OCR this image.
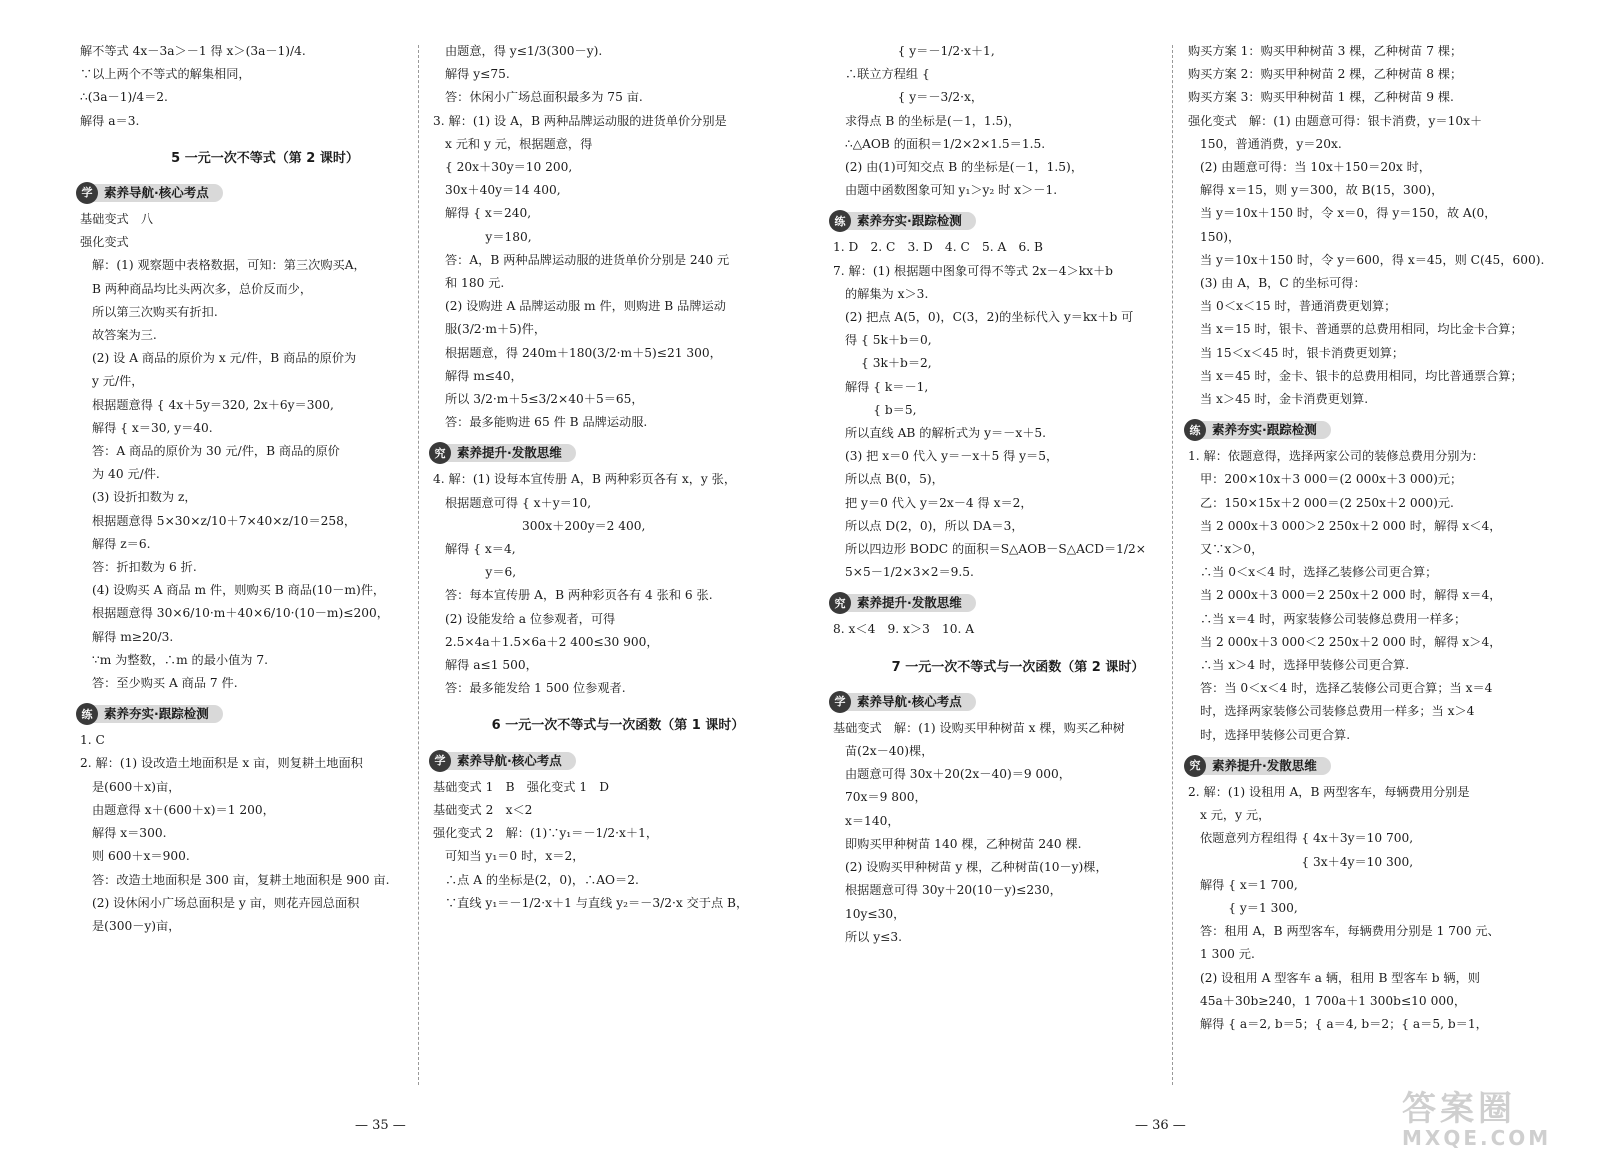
解不等式 4x－3a＞－1 得 x＞(3a－1)/4.

∵以上两个不等式的解集相同，

∴(3a－1)/4＝2.

解得 a＝3.

5 一元一次不等式（第 2 课时）
学 素养导航·核心考点

基础变式　八

强化变式

解：(1) 观察题中表格数据，可知：第三次购买A，

B 两种商品均比头两次多，总价反而少，

所以第三次购买有折扣.

故答案为三.

(2) 设 A 商品的原价为 x 元/件，B 商品的原价为

y 元/件，

根据题意得 { 4x＋5y＝320, 2x＋6y＝300,

解得 { x＝30, y＝40.

答：A 商品的原价为 30 元/件，B 商品的原价

为 40 元/件.

(3) 设折扣数为 z，

根据题意得 5×30×z/10＋7×40×z/10＝258，

解得 z＝6.

答：折扣数为 6 折.

(4) 设购买 A 商品 m 件，则购买 B 商品(10－m)件，

根据题意得 30×6/10·m＋40×6/10·(10－m)≤200，

解得 m≥20/3.

∵m 为整数，∴m 的最小值为 7.

答：至少购买 A 商品 7 件.

练 素养夯实·跟踪检测

1. C

2. 解：(1) 设改造土地面积是 x 亩，则复耕土地面积

是(600＋x)亩，

由题意得 x＋(600＋x)＝1 200，

解得 x＝300.

则 600＋x＝900.

答：改造土地面积是 300 亩，复耕土地面积是 900 亩.

(2) 设休闲小广场总面积是 y 亩，则花卉园总面积

是(300－y)亩，

由题意，得 y≤1/3(300－y).

解得 y≤75.

答：休闲小广场总面积最多为 75 亩.

3. 解：(1) 设 A，B 两种品牌运动服的进货单价分别是

x 元和 y 元，根据题意，得

{ 20x＋30y＝10 200,

30x＋40y＝14 400,

解得 { x＝240,

　　　 y＝180,

答：A，B 两种品牌运动服的进货单价分别是 240 元

和 180 元.

(2) 设购进 A 品牌运动服 m 件，则购进 B 品牌运动

服(3/2·m＋5)件，

根据题意，得 240m＋180(3/2·m＋5)≤21 300，

解得 m≤40，

所以 3/2·m＋5≤3/2×40＋5＝65，

答：最多能购进 65 件 B 品牌运动服.

究 素养提升·发散思维

4. 解：(1) 设每本宣传册 A，B 两种彩页各有 x，y 张，

根据题意可得 { x＋y＝10,

　　　　　　 300x＋200y＝2 400,

解得 { x＝4,

　　　 y＝6,

答：每本宣传册 A，B 两种彩页各有 4 张和 6 张.

(2) 设能发给 a 位参观者，可得

2.5×4a＋1.5×6a＋2 400≤30 900，

解得 a≤1 500，

答：最多能发给 1 500 位参观者.

6 一元一次不等式与一次函数（第 1 课时）
学 素养导航·核心考点

基础变式 1　B　强化变式 1　D

基础变式 2　x＜2

强化变式 2　解：(1)∵y₁＝－1/2·x＋1，

可知当 y₁＝0 时，x＝2，

∴点 A 的坐标是(2，0)，∴AO＝2.

∵直线 y₁＝－1/2·x＋1 与直线 y₂＝－3/2·x 交于点 B，

　　　　 { y＝－1/2·x＋1,

∴联立方程组 {

　　　　 { y＝－3/2·x，

求得点 B 的坐标是(－1，1.5)，

∴△AOB 的面积＝1/2×2×1.5＝1.5.

(2) 由(1)可知交点 B 的坐标是(－1，1.5)，

由题中函数图象可知 y₁＞y₂ 时 x＞－1.

练 素养夯实·跟踪检测

1. D　2. C　3. D　4. C　5. A　6. B

7. 解：(1) 根据题中图象可得不等式 2x－4＞kx＋b

的解集为 x＞3.

(2) 把点 A(5，0)，C(3，2)的坐标代入 y＝kx＋b 可

得 { 5k＋b＝0,

　 { 3k＋b＝2,

解得 { k＝－1,

　　 { b＝5,

所以直线 AB 的解析式为 y＝－x＋5.

(3) 把 x＝0 代入 y＝－x＋5 得 y＝5，

所以点 B(0，5)，

把 y＝0 代入 y＝2x－4 得 x＝2，

所以点 D(2，0)，所以 DA＝3，

所以四边形 BODC 的面积＝S△AOB－S△ACD＝1/2×

5×5－1/2×3×2＝9.5.

究 素养提升·发散思维

8. x＜4　9. x＞3　10. A

7 一元一次不等式与一次函数（第 2 课时）
学 素养导航·核心考点

基础变式　解：(1) 设购买甲种树苗 x 棵，购买乙种树

苗(2x－40)棵，

由题意可得 30x＋20(2x－40)＝9 000，

70x＝9 800，

x＝140，

即购买甲种树苗 140 棵，乙种树苗 240 棵.

(2) 设购买甲种树苗 y 棵，乙种树苗(10－y)棵，

根据题意可得 30y＋20(10－y)≤230，

10y≤30，

所以 y≤3.

购买方案 1：购买甲种树苗 3 棵，乙种树苗 7 棵；

购买方案 2：购买甲种树苗 2 棵，乙种树苗 8 棵；

购买方案 3：购买甲种树苗 1 棵，乙种树苗 9 棵.

强化变式　解：(1) 由题意可得：银卡消费，y＝10x＋

150，普通消费，y＝20x.

(2) 由题意可得：当 10x＋150＝20x 时，

解得 x＝15，则 y＝300，故 B(15，300)，

当 y＝10x＋150 时，令 x＝0，得 y＝150，故 A(0，

150)，

当 y＝10x＋150 时，令 y＝600，得 x＝45，则 C(45，600).

(3) 由 A，B，C 的坐标可得：

当 0＜x＜15 时，普通消费更划算；

当 x＝15 时，银卡、普通票的总费用相同，均比金卡合算；

当 15＜x＜45 时，银卡消费更划算；

当 x＝45 时，金卡、银卡的总费用相同，均比普通票合算；

当 x＞45 时，金卡消费更划算.

练 素养夯实·跟踪检测

1. 解：依题意得，选择两家公司的装修总费用分别为：

甲：200×10x＋3 000＝(2 000x＋3 000)元；

乙：150×15x＋2 000＝(2 250x＋2 000)元.

当 2 000x＋3 000＞2 250x＋2 000 时，解得 x＜4，

又∵x＞0，

∴当 0＜x＜4 时，选择乙装修公司更合算；

当 2 000x＋3 000＝2 250x＋2 000 时，解得 x＝4，

∴当 x＝4 时，两家装修公司装修总费用一样多；

当 2 000x＋3 000＜2 250x＋2 000 时，解得 x＞4，

∴当 x＞4 时，选择甲装修公司更合算.

答：当 0＜x＜4 时，选择乙装修公司更合算；当 x＝4

时，选择两家装修公司装修总费用一样多；当 x＞4

时，选择甲装修公司更合算.

究 素养提升·发散思维

2. 解：(1) 设租用 A，B 两型客车，每辆费用分别是

x 元，y 元，

依题意列方程组得 { 4x＋3y＝10 700,

　　　　　　　　 { 3x＋4y＝10 300,

解得 { x＝1 700,

　　 { y＝1 300,

答：租用 A，B 两型客车，每辆费用分别是 1 700 元、

1 300 元.

(2) 设租用 A 型客车 a 辆，租用 B 型客车 b 辆，则

45a＋30b≥240，1 700a＋1 300b≤10 000，

解得 { a＝2, b＝5；{ a＝4, b＝2；{ a＝5, b＝1，

— 35 —	— 36 —	答案圈
MXQE.COM
